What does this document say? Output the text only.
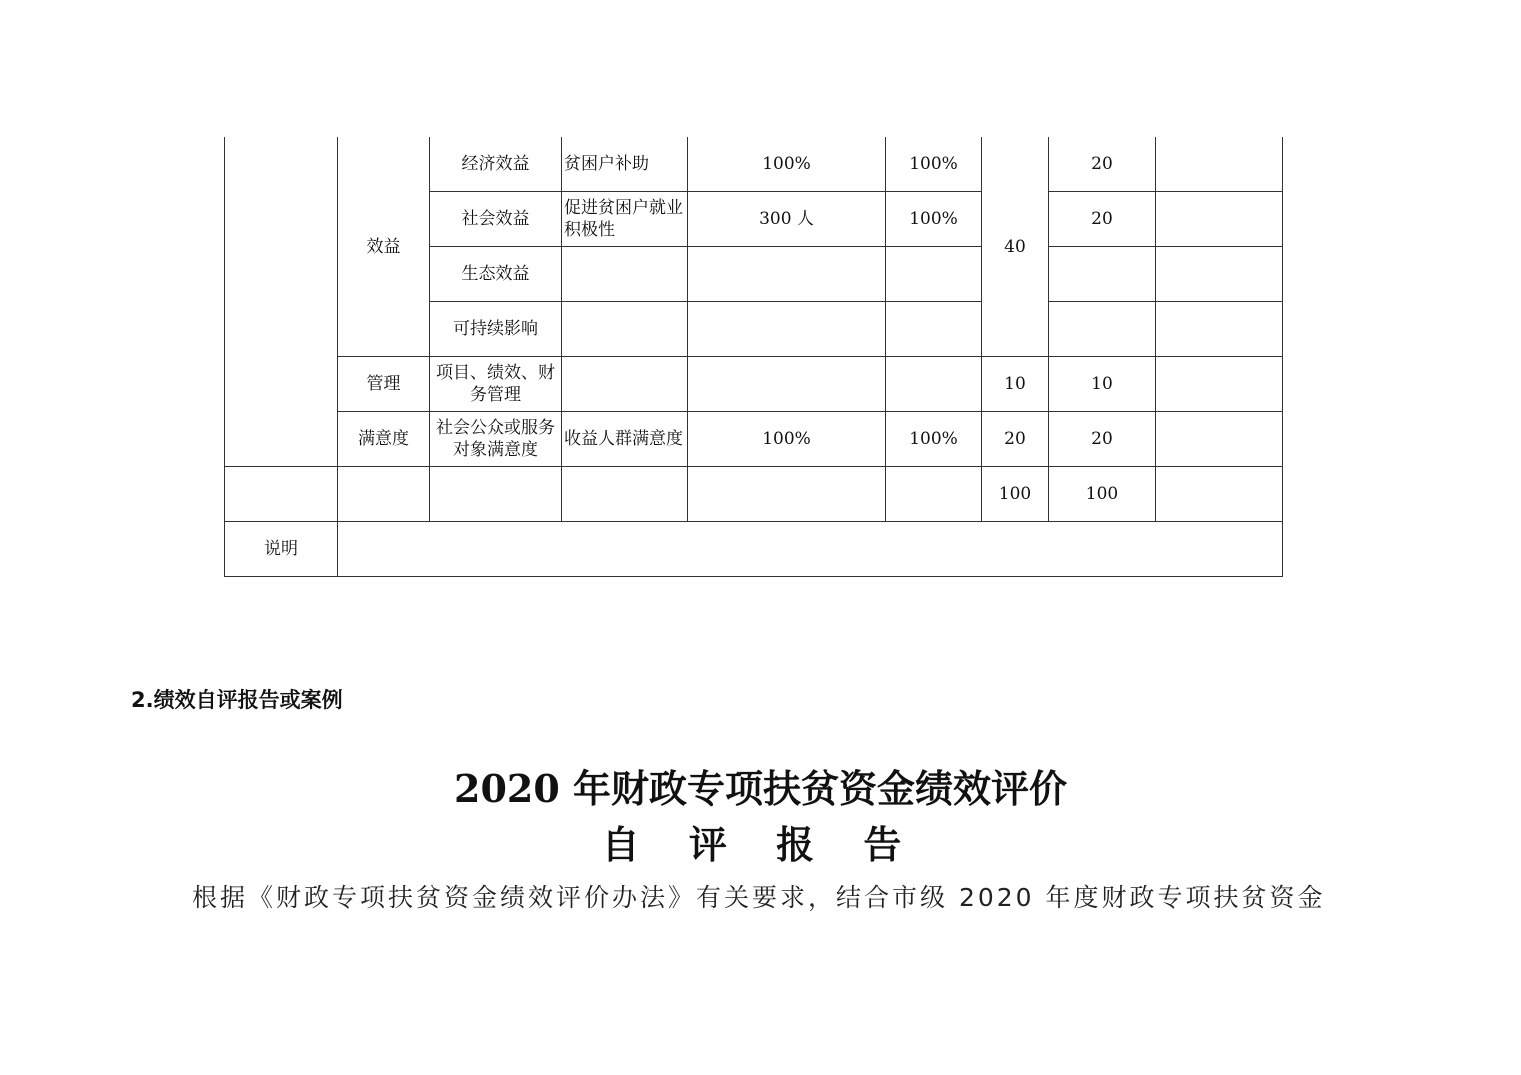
	效益	经济效益	贫困户补助	100%	100%	40	20	
		社会效益	促进贫困户就业积极性	300 人	100%		20	
		生态效益						
		可持续影响						
	管理	项目、绩效、财务管理				10	10	
	满意度	社会公众或服务对象满意度	收益人群满意度	100%	100%	20	20	
						100	100	
说明								
2.绩效自评报告或案例
2020 年财政专项扶贫资金绩效评价
自 评 报 告
根据《财政专项扶贫资金绩效评价办法》有关要求，结合市级 2020 年度财政专项扶贫资金
